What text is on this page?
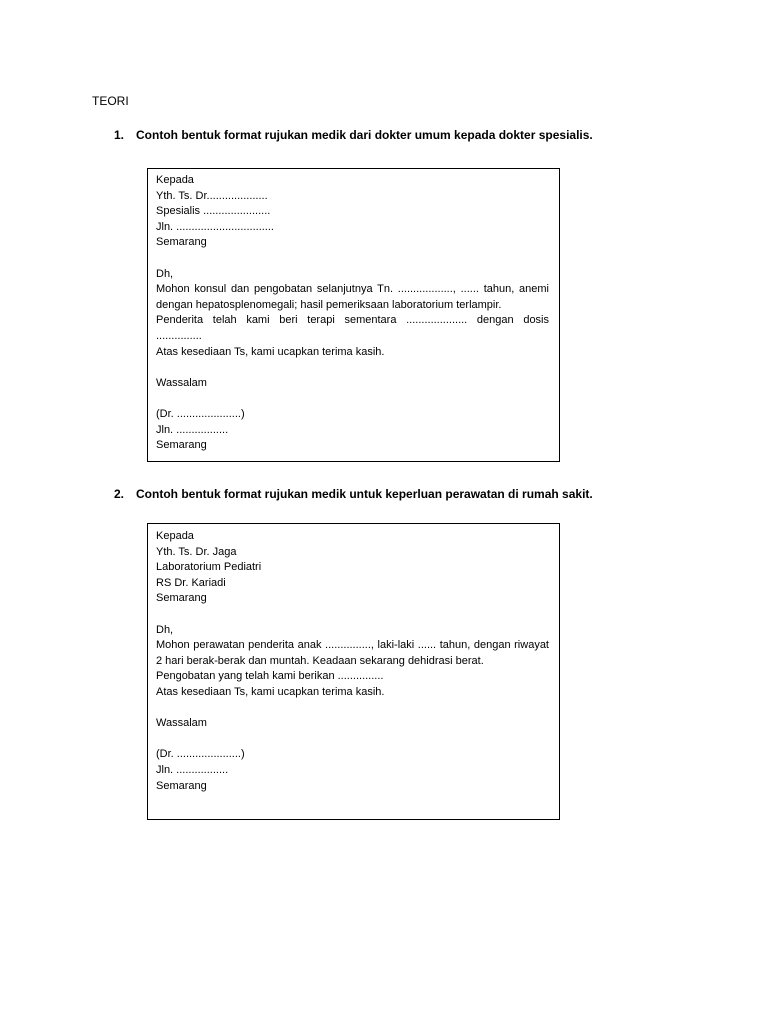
TEORI

1. Contoh bentuk format rujukan medik dari dokter umum kepada dokter spesialis.

Kepada
Yth. Ts. Dr....................
Spesialis ......................
Jln. ................................
Semarang
Dh,

Mohon konsul dan pengobatan selanjutnya Tn. .................., ...... tahun, anemi dengan hepatosplenomegali; hasil pemeriksaan laboratorium terlampir.

Penderita telah kami beri terapi sementara .................... dengan dosis
...............
Atas kesediaan Ts, kami ucapkan terima kasih.
Wassalam
(Dr. .....................)
Jln. .................
Semarang

2. Contoh bentuk format rujukan medik untuk keperluan perawatan di rumah sakit.

Kepada
Yth. Ts. Dr. Jaga
Laboratorium Pediatri
RS Dr. Kariadi
Semarang
Dh,

Mohon perawatan penderita anak ..............., laki-laki ...... tahun, dengan riwayat 2 hari berak-berak dan muntah. Keadaan sekarang dehidrasi berat.

Pengobatan yang telah kami berikan ...............
Atas kesediaan Ts, kami ucapkan terima kasih.
Wassalam
(Dr. .....................)
Jln. .................
Semarang
